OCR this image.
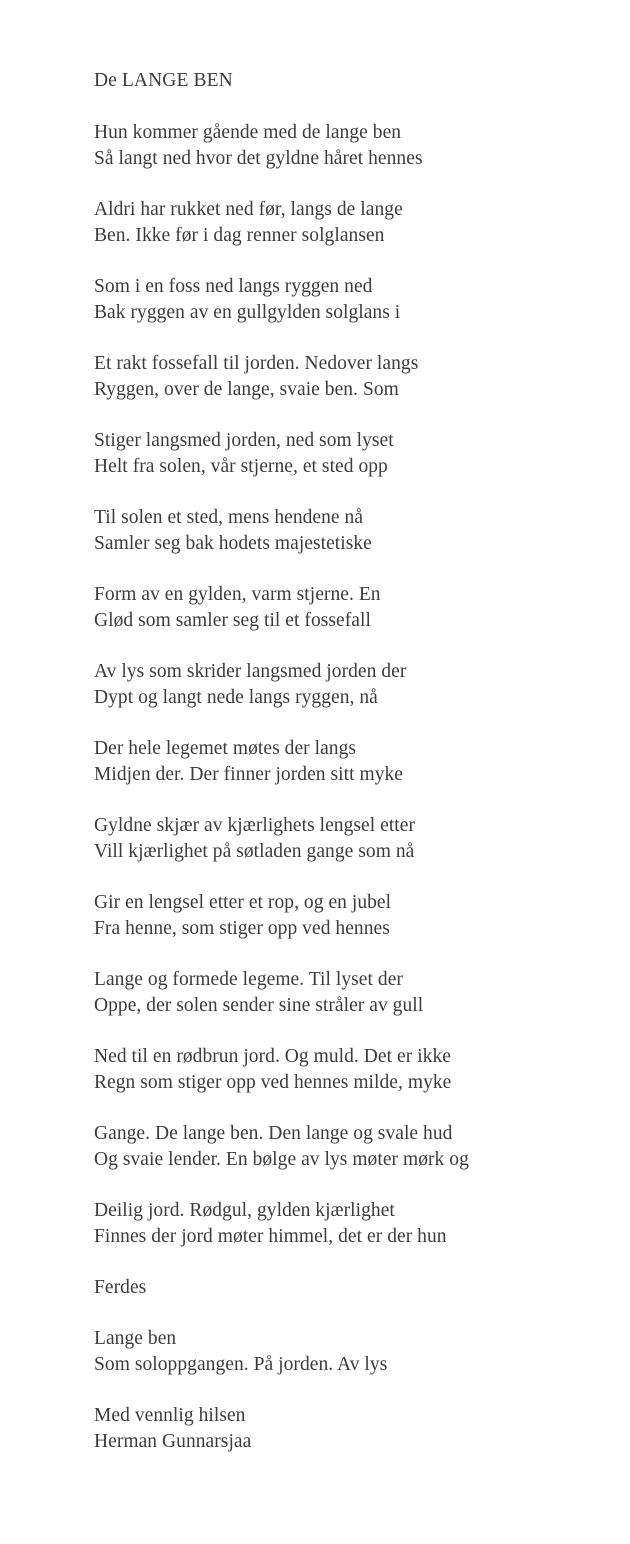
De LANGE BEN
Hun kommer gående med de lange ben
Så langt ned hvor det gyldne håret hennes
Aldri har rukket ned før, langs de lange
Ben. Ikke før i dag renner solglansen
Som i en foss ned langs ryggen ned
Bak ryggen av en gullgylden solglans i
Et rakt fossefall til jorden. Nedover langs
Ryggen, over de lange, svaie ben. Som
Stiger langsmed jorden, ned som lyset
Helt fra solen, vår stjerne, et sted opp
Til solen et sted, mens hendene nå
Samler seg bak hodets majestetiske
Form av en gylden, varm stjerne. En
Glød som samler seg til et fossefall
Av lys som skrider langsmed jorden der
Dypt og langt nede langs ryggen, nå
Der hele legemet møtes der langs
Midjen der. Der finner jorden sitt myke
Gyldne skjær av kjærlighets lengsel etter
Vill kjærlighet på søtladen gange som nå
Gir en lengsel etter et rop, og en jubel
Fra henne, som stiger opp ved hennes
Lange og formede legeme. Til lyset der
Oppe, der solen sender sine stråler av gull
Ned til en rødbrun jord. Og muld. Det er ikke
Regn som stiger opp ved hennes milde, myke
Gange. De lange ben. Den lange og svale hud
Og svaie lender. En bølge av lys møter mørk og
Deilig jord. Rødgul, gylden kjærlighet
Finnes der jord møter himmel, det er der hun
Ferdes
Lange ben
Som soloppgangen. På jorden. Av lys
Med vennlig hilsen
Herman Gunnarsjaa
